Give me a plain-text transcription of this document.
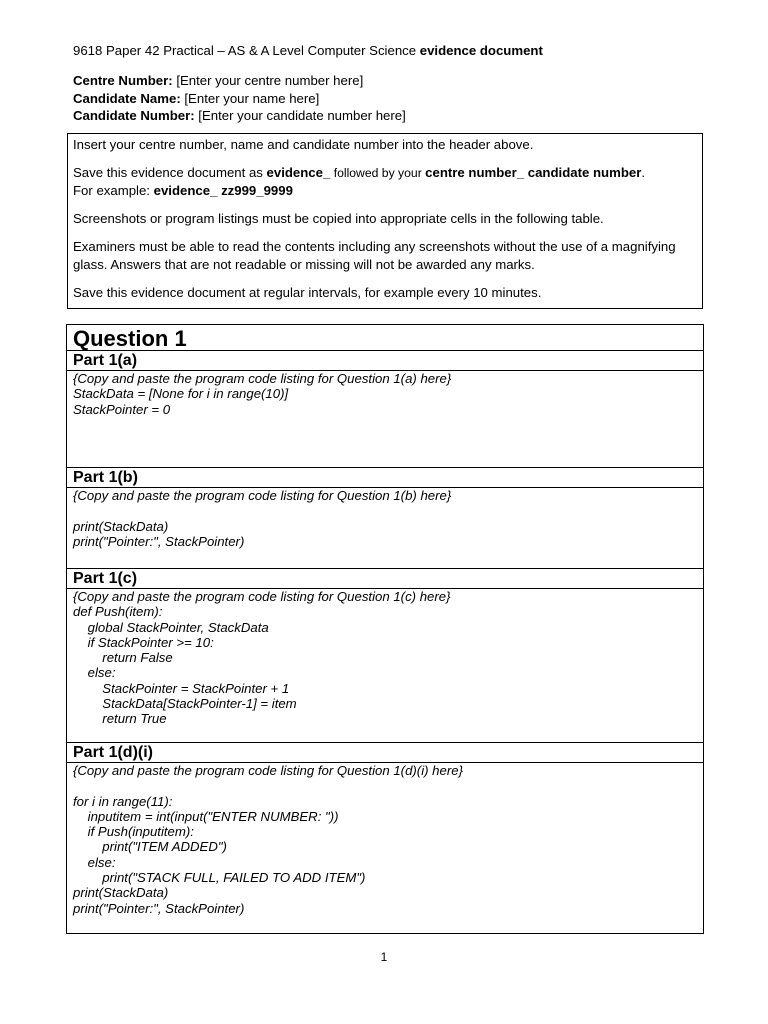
9618 Paper 42 Practical – AS & A Level Computer Science evidence document
Centre Number: [Enter your centre number here]
Candidate Name: [Enter your name here]
Candidate Number: [Enter your candidate number here]

Insert your centre number, name and candidate number into the header above.

Save this evidence document as evidence_ followed by your centre number_ candidate number.
For example: evidence_ zz999_9999

Screenshots or program listings must be copied into appropriate cells in the following table.

Examiners must be able to read the contents including any screenshots without the use of a magnifying glass. Answers that are not readable or missing will not be awarded any marks.

Save this evidence document at regular intervals, for example every 10 minutes.

Question 1
Part 1(a)
{Copy and paste the program code listing for Question 1(a) here}
StackData = [None for i in range(10)]
StackPointer = 0
Part 1(b)
{Copy and paste the program code listing for Question 1(b) here}
print(StackData)
print("Pointer:", StackPointer)
Part 1(c)
{Copy and paste the program code listing for Question 1(c) here}
def Push(item):
global StackPointer, StackData
if StackPointer >= 10:
return False
else:
StackPointer = StackPointer + 1
StackData[StackPointer-1] = item
return True
Part 1(d)(i)
{Copy and paste the program code listing for Question 1(d)(i) here}
for i in range(11):
inputitem = int(input("ENTER NUMBER: "))
if Push(inputitem):
print("ITEM ADDED")
else:
print("STACK FULL, FAILED TO ADD ITEM")
print(StackData)
print("Pointer:", StackPointer)
1
